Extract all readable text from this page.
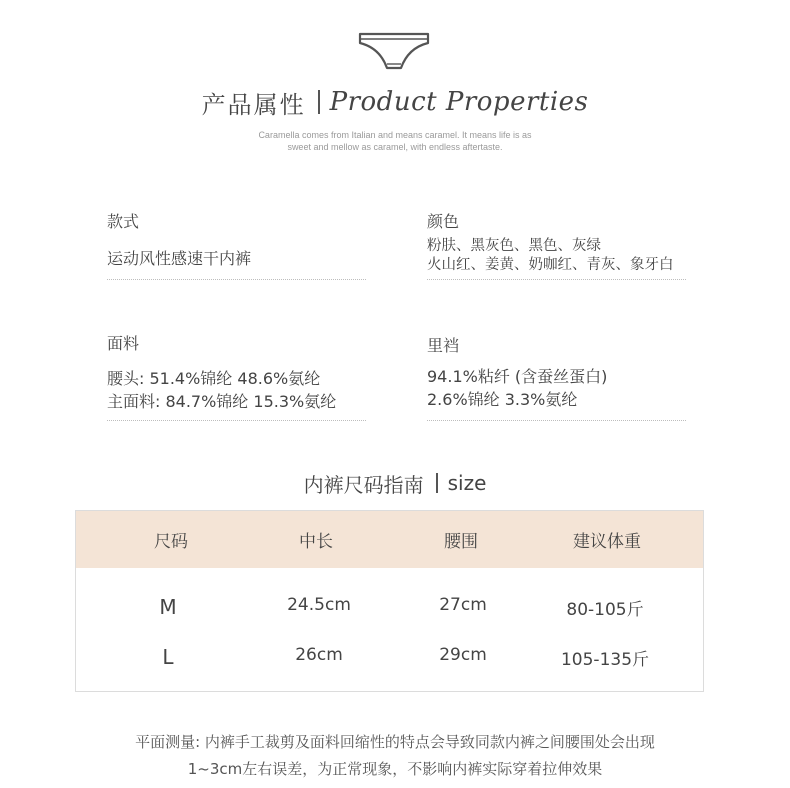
产品属性 Product Properties
Caramella comes from Italian and means caramel. It means life is as
sweet and mellow as caramel, with endless aftertaste.
款式
运动风性感速干内裤
颜色
粉肤、黑灰色、黑色、灰绿
火山红、姜黄、奶咖红、青灰、象牙白
面料
腰头: 51.4%锦纶 48.6%氨纶
主面料: 84.7%锦纶 15.3%氨纶
里裆
94.1%粘纤 (含蚕丝蛋白)
2.6%锦纶 3.3%氨纶
内裤尺码指南 size
尺码	中长	腰围	建议体重
M	24.5cm	27cm	80-105斤
L	26cm	29cm	105-135斤
平面测量: 内裤手工裁剪及面料回缩性的特点会导致同款内裤之间腰围处会出现
1~3cm左右误差，为正常现象，不影响内裤实际穿着拉伸效果
